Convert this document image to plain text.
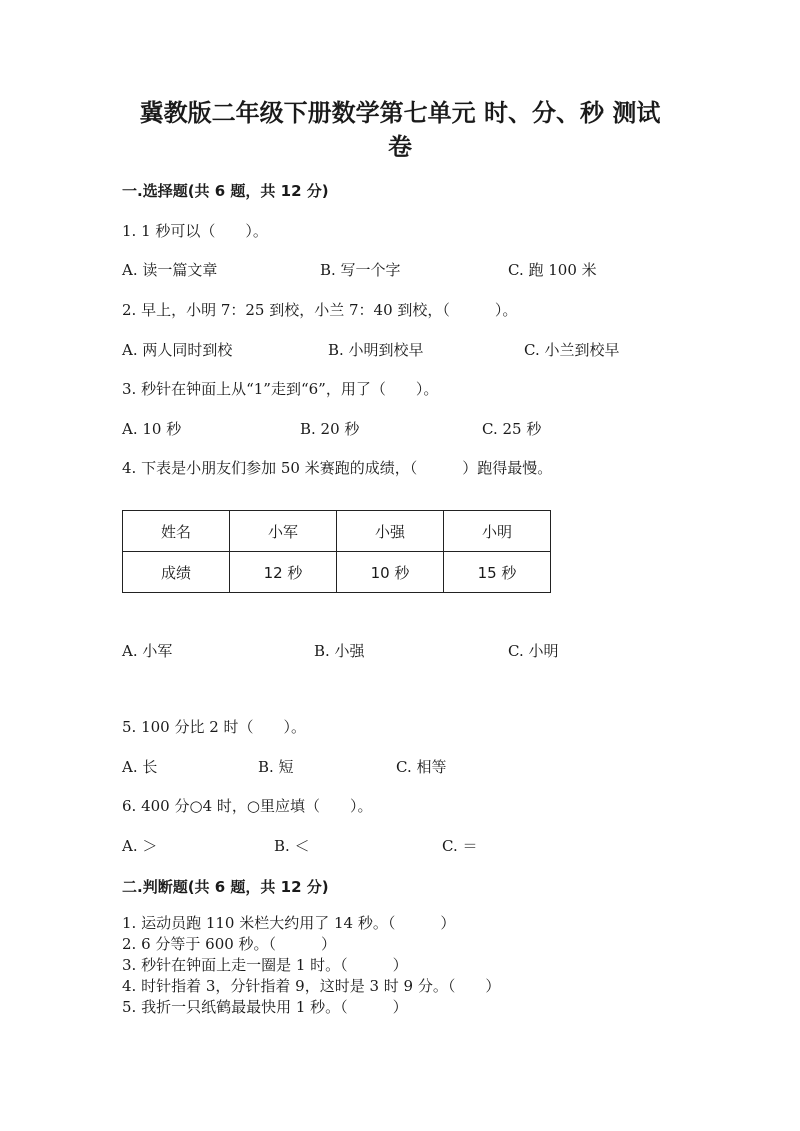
冀教版二年级下册数学第七单元 时、分、秒 测试
卷
一.选择题(共 6 题，共 12 分)
1. 1 秒可以（　　）。
A. 读一篇文章	B. 写一个字	C. 跑 100 米
2. 早上，小明 7：25 到校，小兰 7：40 到校，（　　　）。
A. 两人同时到校	B. 小明到校早	C. 小兰到校早
3. 秒针在钟面上从“1”走到“6”，用了（　　）。
A. 10 秒	B. 20 秒	C. 25 秒
4. 下表是小朋友们参加 50 米赛跑的成绩，（　　　）跑得最慢。
姓名	小军	小强	小明
成绩	12 秒	10 秒	15 秒
A. 小军	B. 小强	C. 小明
5. 100 分比 2 时（　　）。
A. 长	B. 短	C. 相等
6. 400 分○4 时，○里应填（　　）。
A. ＞	B. ＜	C. ＝
二.判断题(共 6 题，共 12 分)
1. 运动员跑 110 米栏大约用了 14 秒。（　　　）
2. 6 分等于 600 秒。（　　　）
3. 秒针在钟面上走一圈是 1 时。（　　　）
4. 时针指着 3，分针指着 9，这时是 3 时 9 分。（　　）
5. 我折一只纸鹤最最快用 1 秒。（　　　）
